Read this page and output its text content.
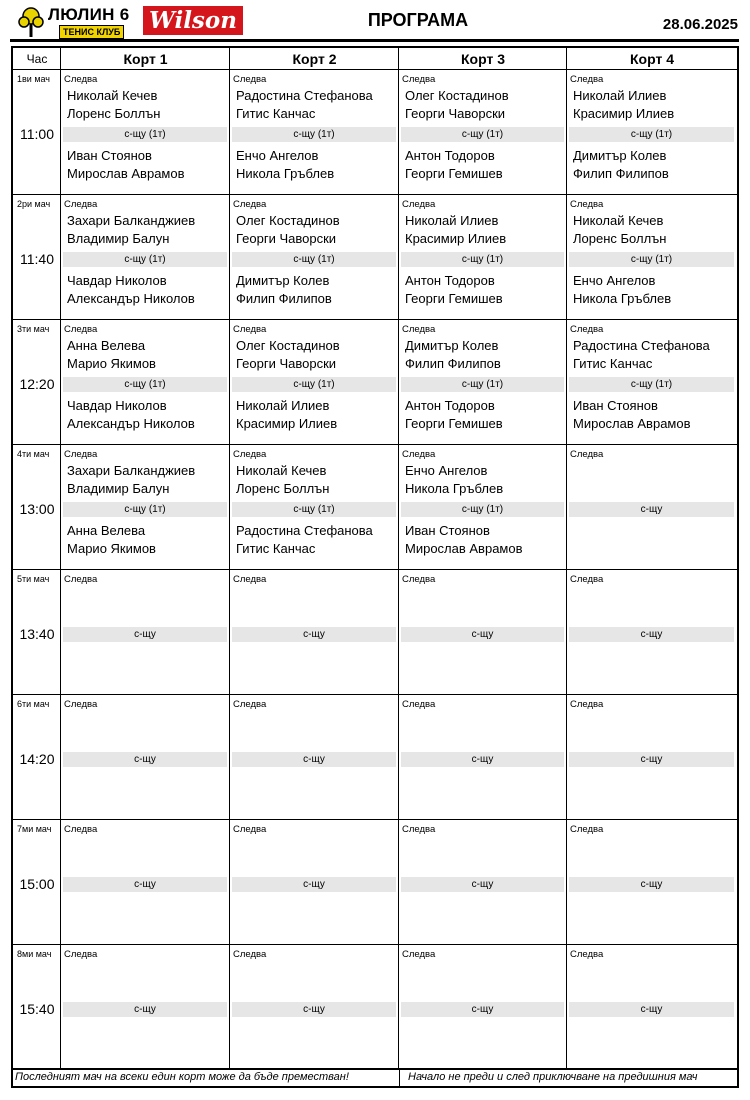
ЛЮЛИН 6
ТЕНИС КЛУБ Wilson	ПРОГРАМА	28.06.2025
Час	Корт 1	Корт 2	Корт 3	Корт 4
1ви мач
11:00
Следва
Николай Кечев
Лоренс Боллън
с-щу (1т)
Иван Стоянов
Мирослав Аврамов
Следва
Радостина Стефанова
Гитис Канчас
с-щу (1т)
Енчо Ангелов
Никола Гръблев
Следва
Олег Костадинов
Георги Чаворски
с-щу (1т)
Антон Тодоров
Георги Гемишев
Следва
Николай Илиев
Красимир Илиев
с-щу (1т)
Димитър Колев
Филип Филипов
2ри мач
11:40
Следва
Захари Балканджиев
Владимир Балун
с-щу (1т)
Чавдар Николов
Александър Николов
Следва
Олег Костадинов
Георги Чаворски
с-щу (1т)
Димитър Колев
Филип Филипов
Следва
Николай Илиев
Красимир Илиев
с-щу (1т)
Антон Тодоров
Георги Гемишев
Следва
Николай Кечев
Лоренс Боллън
с-щу (1т)
Енчо Ангелов
Никола Гръблев
3ти мач
12:20
Следва
Анна Велева
Марио Якимов
с-щу (1т)
Чавдар Николов
Александър Николов
Следва
Олег Костадинов
Георги Чаворски
с-щу (1т)
Николай Илиев
Красимир Илиев
Следва
Димитър Колев
Филип Филипов
с-щу (1т)
Антон Тодоров
Георги Гемишев
Следва
Радостина Стефанова
Гитис Канчас
с-щу (1т)
Иван Стоянов
Мирослав Аврамов
4ти мач
13:00
Следва
Захари Балканджиев
Владимир Балун
с-щу (1т)
Анна Велева
Марио Якимов
Следва
Николай Кечев
Лоренс Боллън
с-щу (1т)
Радостина Стефанова
Гитис Канчас
Следва
Енчо Ангелов
Никола Гръблев
с-щу (1т)
Иван Стоянов
Мирослав Аврамов
Следва
с-щу
5ти мач
13:40
Следва
с-щу
Следва
с-щу
Следва
с-щу
Следва
с-щу
6ти мач
14:20
Следва
с-щу
Следва
с-щу
Следва
с-щу
Следва
с-щу
7ми мач
15:00
Следва
с-щу
Следва
с-щу
Следва
с-щу
Следва
с-щу
8ми мач
15:40
Следва
с-щу
Следва
с-щу
Следва
с-щу
Следва
с-щу
Последният мач на всеки един корт може да бъде преместван!	Начало не преди и след приключване на предишния мач
